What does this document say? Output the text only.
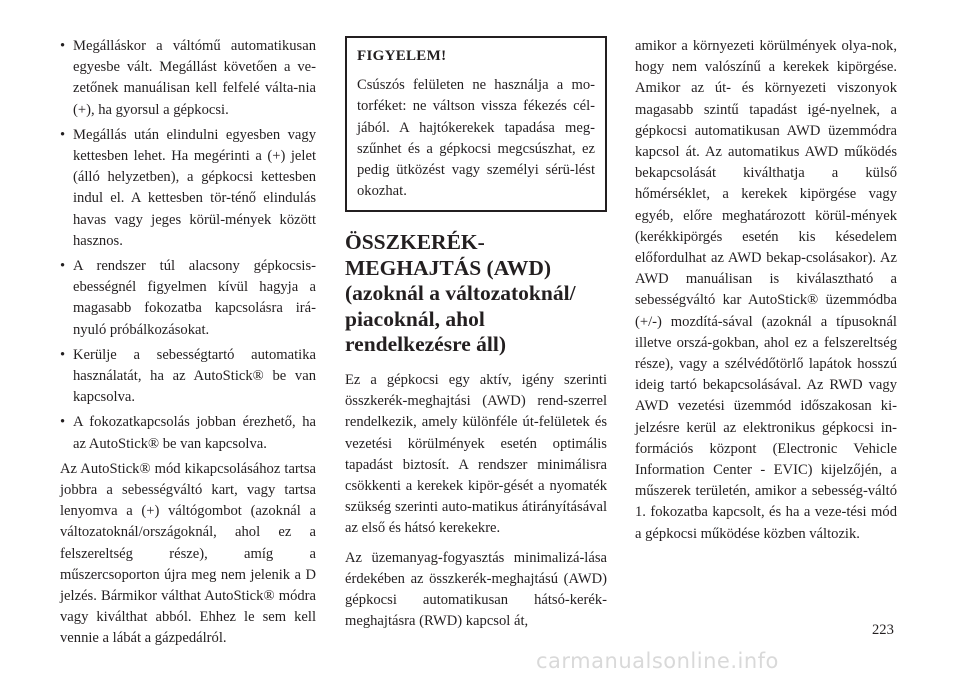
• Megálláskor a váltómű automatikusan egyesbe vált. Megállást követően a ve-zetőnek manuálisan kell felfelé válta-nia (+), ha gyorsul a gépkocsi.
• Megállás után elindulni egyesben vagy kettesben lehet. Ha megérinti a (+) jelet (álló helyzetben), a gépkocsi kettesben indul el. A kettesben tör-ténő elindulás havas vagy jeges körül-mények között hasznos.
• A rendszer túl alacsony gépkocsis-ebességnél figyelmen kívül hagyja a magasabb fokozatba kapcsolásra irá-nyuló próbálkozásokat.
• Kerülje a sebességtartó automatika használatát, ha az AutoStick® be van kapcsolva.
• A fokozatkapcsolás jobban érezhető, ha az AutoStick® be van kapcsolva.

Az AutoStick® mód kikapcsolásához tartsa jobbra a sebességváltó kart, vagy tartsa lenyomva a (+) váltógombot (azoknál a változatoknál/országoknál, ahol ez a felszereltség része), amíg a műszercsoporton újra meg nem jelenik a D jelzés. Bármikor válthat AutoStick® módra vagy kiválthat abból. Ehhez le sem kell vennie a lábát a gázpedálról.

FIGYELEM!
Csúszós felületen ne használja a mo-torféket: ne váltson vissza fékezés cél-jából. A hajtókerekek tapadása meg-szűnhet és a gépkocsi megcsúszhat, ez pedig ütközést vagy személyi sérü-lést okozhat.
ÖSSZKERÉK-
MEGHAJTÁS (AWD)
(azoknál a változatoknál/
piacoknál, ahol
rendelkezésre áll)

Ez a gépkocsi egy aktív, igény szerinti összkerék-meghajtási (AWD) rend-szerrel rendelkezik, amely különféle út-felületek és vezetési körülmények esetén optimális tapadást biztosít. A rendszer minimálisra csökkenti a kerekek kipör-gését a nyomaték szükség szerinti auto-matikus átirányításával az első és hátsó kerekekre.

Az üzemanyag-fogyasztás minimalizá-lása érdekében az összkerék-meghajtású (AWD) gépkocsi automatikusan hátsó-kerék-meghajtásra (RWD) kapcsol át,

amikor a környezeti körülmények olya-nok, hogy nem valószínű a kerekek kipörgése. Amikor az út- és környezeti viszonyok magasabb szintű tapadást igé-nyelnek, a gépkocsi automatikusan AWD üzemmódra kapcsol át. Az automatikus AWD működés bekapcsolását kiválthatja a külső hőmérséklet, a kerekek kipörgése vagy egyéb, előre meghatározott körül-mények (kerékkipörgés esetén kis késedelem előfordulhat az AWD bekap-csolásakor). Az AWD manuálisan is kiválasztható a sebességváltó kar AutoStick® üzemmódba (+/-) mozdítá-sával (azoknál a típusoknál illetve orszá-gokban, ahol ez a felszereltség része), vagy a szélvédőtörlő lapátok hosszú ideig tartó bekapcsolásával. Az RWD vagy AWD vezetési üzemmód időszakosan ki-jelzésre kerül az elektronikus gépkocsi in-formációs központ (Electronic Vehicle Information Center - EVIC) kijelzőjén, a műszerek területén, amikor a sebesség-váltó 1. fokozatba kapcsolt, és ha a veze-tési mód a gépkocsi működése közben változik.

223
carmanualsonline.info
